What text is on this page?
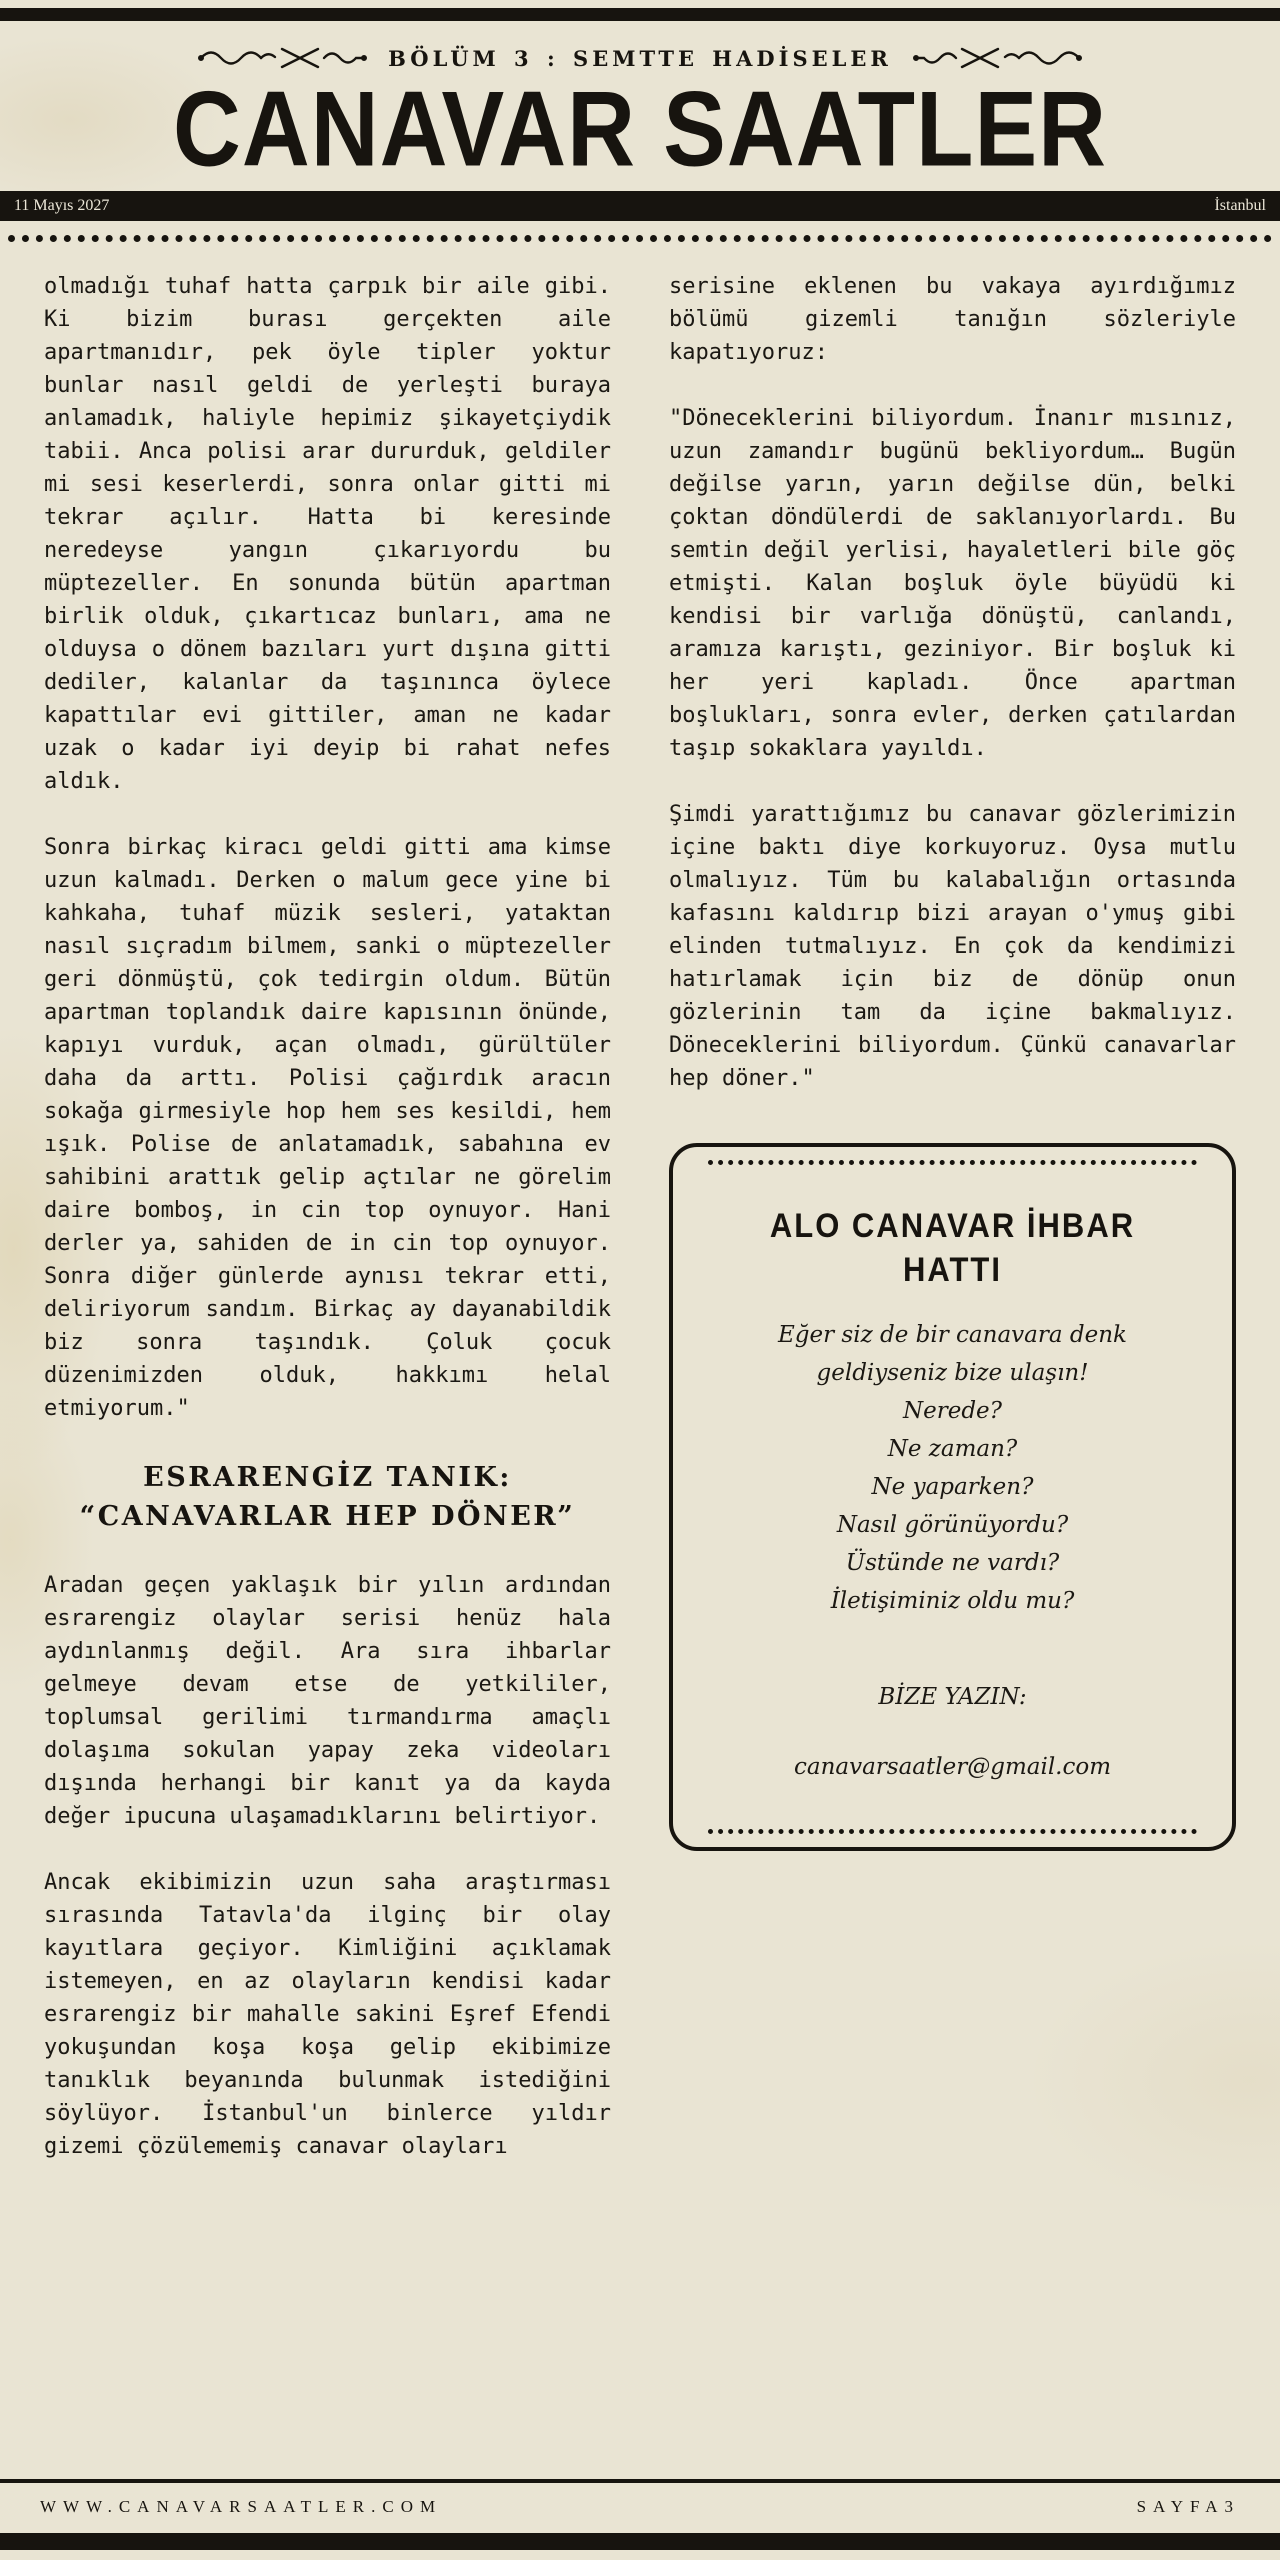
BÖLÜM 3 : SEMTTE HADİSELER
CANAVAR SAATLER
11 Mayıs 2027	İstanbul

olmadığı tuhaf hatta çarpık bir aile gibi. Ki bizim burası gerçekten aile apartmanıdır, pek öyle tipler yoktur bunlar nasıl geldi de yerleşti buraya anlamadık, haliyle hepimiz şikayetçiydik tabii. Anca polisi arar dururduk, geldiler mi sesi keserlerdi, sonra onlar gitti mi tekrar açılır. Hatta bi keresinde neredeyse yangın çıkarıyordu bu müptezeller. En sonunda bütün apartman birlik olduk, çıkartıcaz bunları, ama ne olduysa o dönem bazıları yurt dışına gitti dediler, kalanlar da taşınınca öylece kapattılar evi gittiler, aman ne kadar uzak o kadar iyi deyip bi rahat nefes aldık.

Sonra birkaç kiracı geldi gitti ama kimse uzun kalmadı. Derken o malum gece yine bi kahkaha, tuhaf müzik sesleri, yataktan nasıl sıçradım bilmem, sanki o müptezeller geri dönmüştü, çok tedirgin oldum. Bütün apartman toplandık daire kapısının önünde, kapıyı vurduk, açan olmadı, gürültüler daha da arttı. Polisi çağırdık aracın sokağa girmesiyle hop hem ses kesildi, hem ışık. Polise de anlatamadık, sabahına ev sahibini arattık gelip açtılar ne görelim daire bomboş, in cin top oynuyor. Hani derler ya, sahiden de in cin top oynuyor. Sonra diğer günlerde aynısı tekrar etti, deliriyorum sandım. Birkaç ay dayanabildik biz sonra taşındık. Çoluk çocuk düzenimizden olduk, hakkımı helal etmiyorum."

ESRARENGİZ TANIK:
“CANAVARLAR HEP DÖNER”

Aradan geçen yaklaşık bir yılın ardından esrarengiz olaylar serisi henüz hala aydınlanmış değil. Ara sıra ihbarlar gelmeye devam etse de yetkililer, toplumsal gerilimi tırmandırma amaçlı dolaşıma sokulan yapay zeka videoları dışında herhangi bir kanıt ya da kayda değer ipucuna ulaşamadıklarını belirtiyor.

Ancak ekibimizin uzun saha araştırması sırasında Tatavla'da ilginç bir olay kayıtlara geçiyor. Kimliğini açıklamak istemeyen, en az olayların kendisi kadar esrarengiz bir mahalle sakini Eşref Efendi yokuşundan koşa koşa gelip ekibimize tanıklık beyanında bulunmak istediğini söylüyor. İstanbul'un binlerce yıldır gizemi çözülememiş canavar olayları

serisine eklenen bu vakaya ayırdığımız bölümü gizemli tanığın sözleriyle kapatıyoruz:

"Döneceklerini biliyordum. İnanır mısınız, uzun zamandır bugünü bekliyordum… Bugün değilse yarın, yarın değilse dün, belki çoktan döndülerdi de saklanıyorlardı. Bu semtin değil yerlisi, hayaletleri bile göç etmişti. Kalan boşluk öyle büyüdü ki kendisi bir varlığa dönüştü, canlandı, aramıza karıştı, geziniyor. Bir boşluk ki her yeri kapladı. Önce apartman boşlukları, sonra evler, derken çatılardan taşıp sokaklara yayıldı.

Şimdi yarattığımız bu canavar gözlerimizin içine baktı diye korkuyoruz. Oysa mutlu olmalıyız. Tüm bu kalabalığın ortasında kafasını kaldırıp bizi arayan o'ymuş gibi elinden tutmalıyız. En çok da kendimizi hatırlamak için biz de dönüp onun gözlerinin tam da içine bakmalıyız. Döneceklerini biliyordum. Çünkü canavarlar hep döner."

ALO CANAVAR İHBAR
HATTI

Eğer siz de bir canavara denk geldiyseniz bize ulaşın!

Nerede?

Ne zaman?

Ne yaparken?

Nasıl görünüyordu?

Üstünde ne vardı?

İletişiminiz oldu mu?

BİZE YAZIN:

canavarsaatler@gmail.com

WWW.CANAVARSAATLER.COM	SAYFA3
